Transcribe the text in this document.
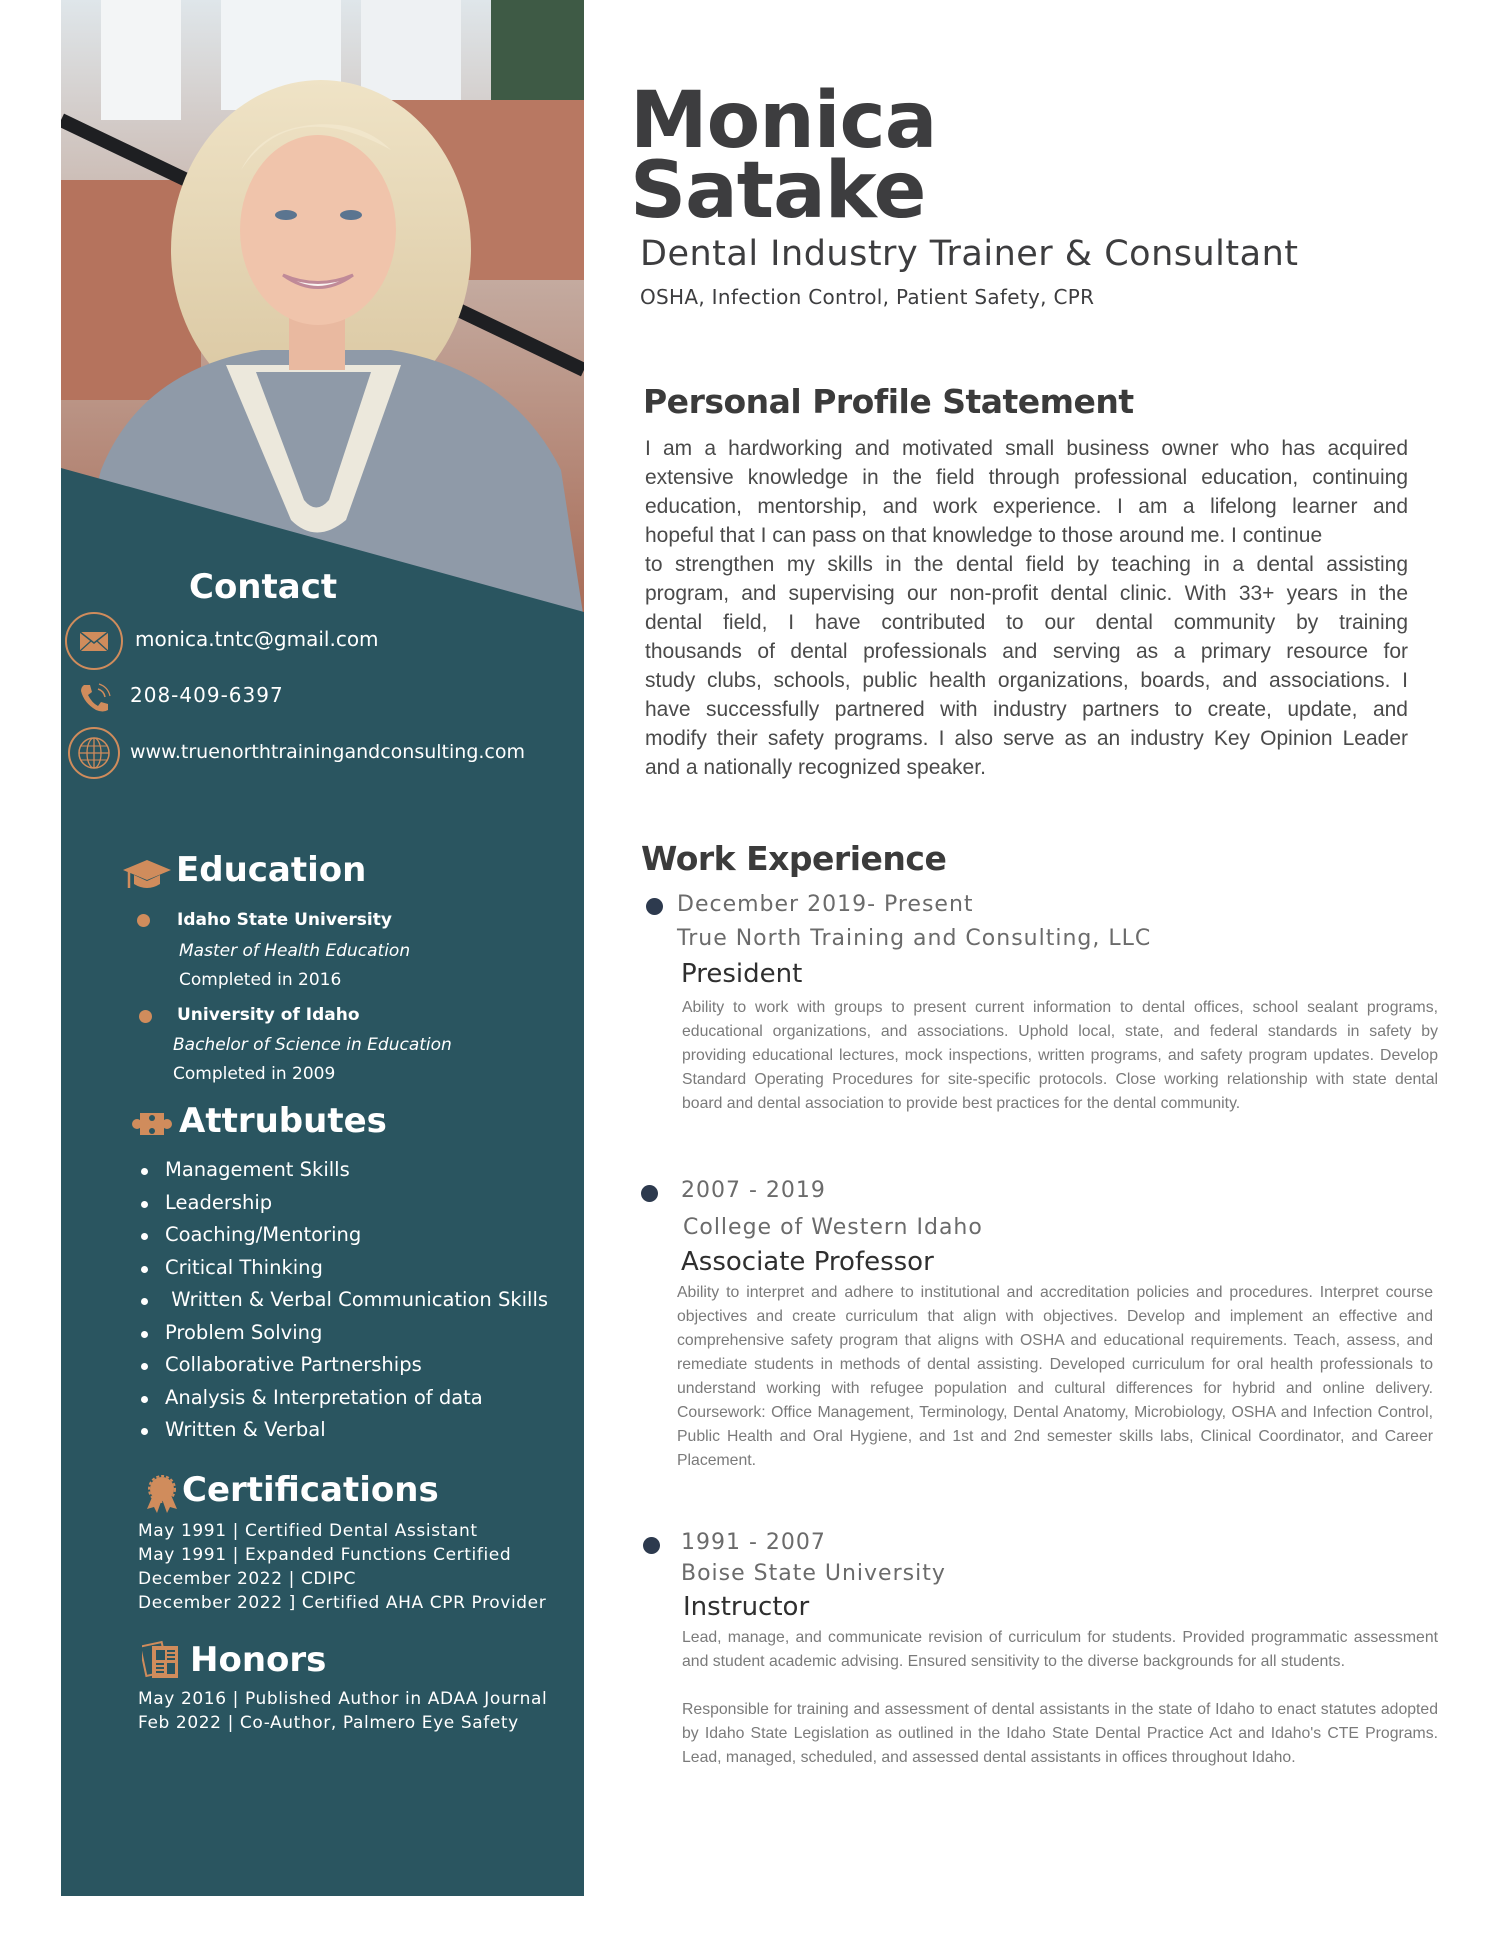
Contact
monica.tntc@gmail.com
208-409-6397
www.truenorthtrainingandconsulting.com
Education
Idaho State University
Master of Health Education
Completed in 2016
University of Idaho
Bachelor of Science in Education
Completed in 2009
Attrubutes
Management Skills
Leadership
Coaching/Mentoring
Critical Thinking
Written & Verbal Communication Skills
Problem Solving
Collaborative Partnerships
Analysis & Interpretation of data
Written & Verbal
Certifications
May 1991 | Certified Dental Assistant
May 1991 | Expanded Functions Certified
December 2022 | CDIPC
December 2022 ] Certified AHA CPR Provider
Honors
May 2016 | Published Author in ADAA Journal
Feb 2022 | Co-Author, Palmero Eye Safety
Monica
Satake
Dental Industry Trainer & Consultant
OSHA, Infection Control, Patient Safety, CPR
Personal Profile Statement
I am a hardworking and motivated small business owner who has acquired
extensive knowledge in the field through professional education, continuing
education, mentorship, and work experience. I am a lifelong learner and
hopeful that I can pass on that knowledge to those around me. I continue
to strengthen my skills in the dental field by teaching in a dental assisting
program, and supervising our non-profit dental clinic. With 33+ years in the
dental field, I have contributed to our dental community by training
thousands of dental professionals and serving as a primary resource for
study clubs, schools, public health organizations, boards, and associations. I
have successfully partnered with industry partners to create, update, and
modify their safety programs. I also serve as an industry Key Opinion Leader
and a nationally recognized speaker.
Work Experience
December 2019- Present
True North Training and Consulting, LLC
President
Ability to work with groups to present current information to dental offices, school sealant programs, educational organizations, and associations. Uphold local, state, and federal standards in safety by providing educational lectures, mock inspections, written programs, and safety program updates. Develop Standard Operating Procedures for site-specific protocols. Close working relationship with state dental board and dental association to provide best practices for the dental community.
2007 - 2019
College of Western Idaho
Associate Professor
Ability to interpret and adhere to institutional and accreditation policies and procedures. Interpret course objectives and create curriculum that align with objectives. Develop and implement an effective and comprehensive safety program that aligns with OSHA and educational requirements. Teach, assess, and remediate students in methods of dental assisting. Developed curriculum for oral health professionals to understand working with refugee population and cultural differences for hybrid and online delivery. Coursework: Office Management, Terminology, Dental Anatomy, Microbiology, OSHA and Infection Control, Public Health and Oral Hygiene, and 1st and 2nd semester skills labs, Clinical Coordinator, and Career Placement.
1991 - 2007
Boise State University
Instructor
Lead, manage, and communicate revision of curriculum for students. Provided programmatic assessment and student academic advising. Ensured sensitivity to the diverse backgrounds for all students.
Responsible for training and assessment of dental assistants in the state of Idaho to enact statutes adopted by Idaho State Legislation as outlined in the Idaho State Dental Practice Act and Idaho's CTE Programs. Lead, managed, scheduled, and assessed dental assistants in offices throughout Idaho.
